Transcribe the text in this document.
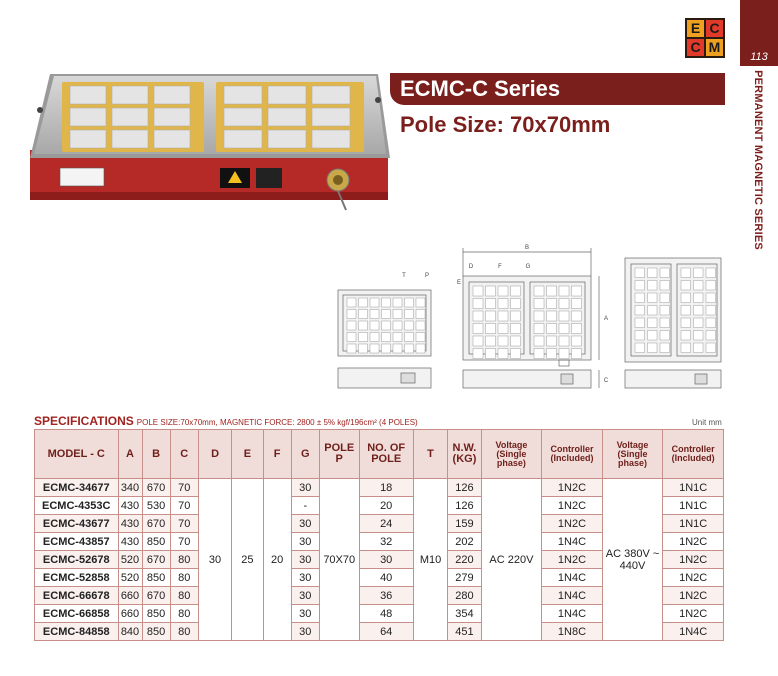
113
PERMANENT MAGNETIC SERIES
E C
C M
ECMC-C Series
Pole Size: 70x70mm
T	P
B
D	F	G
E
A
C
SPECIFICATIONS POLE SIZE:70x70mm, MAGNETIC FORCE: 2800 ± 5% kgf/196cm² (4 POLES)	Unit mm
MODEL - C	A	B	C	D	E	F	G	POLE P	NO. OF POLE	T	N.W. (KG)	Voltage (Single phase)	Controller (Included)	Voltage (Single phase)	Controller (Included)
ECMC-34677	340	670	70	30	25	20	30	70X70	18	M10	126	AC 220V	1N2C	AC 380V ~ 440V	1N1C
ECMC-4353C	430	530	70				-		20		126		1N2C		1N1C
ECMC-43677	430	670	70				30		24		159		1N2C		1N1C
ECMC-43857	430	850	70				30		32		202		1N4C		1N2C
ECMC-52678	520	670	80				30		30		220		1N2C		1N2C
ECMC-52858	520	850	80				30		40		279		1N4C		1N2C
ECMC-66678	660	670	80				30		36		280		1N4C		1N2C
ECMC-66858	660	850	80				30		48		354		1N4C		1N2C
ECMC-84858	840	850	80				30		64		451		1N8C		1N4C
